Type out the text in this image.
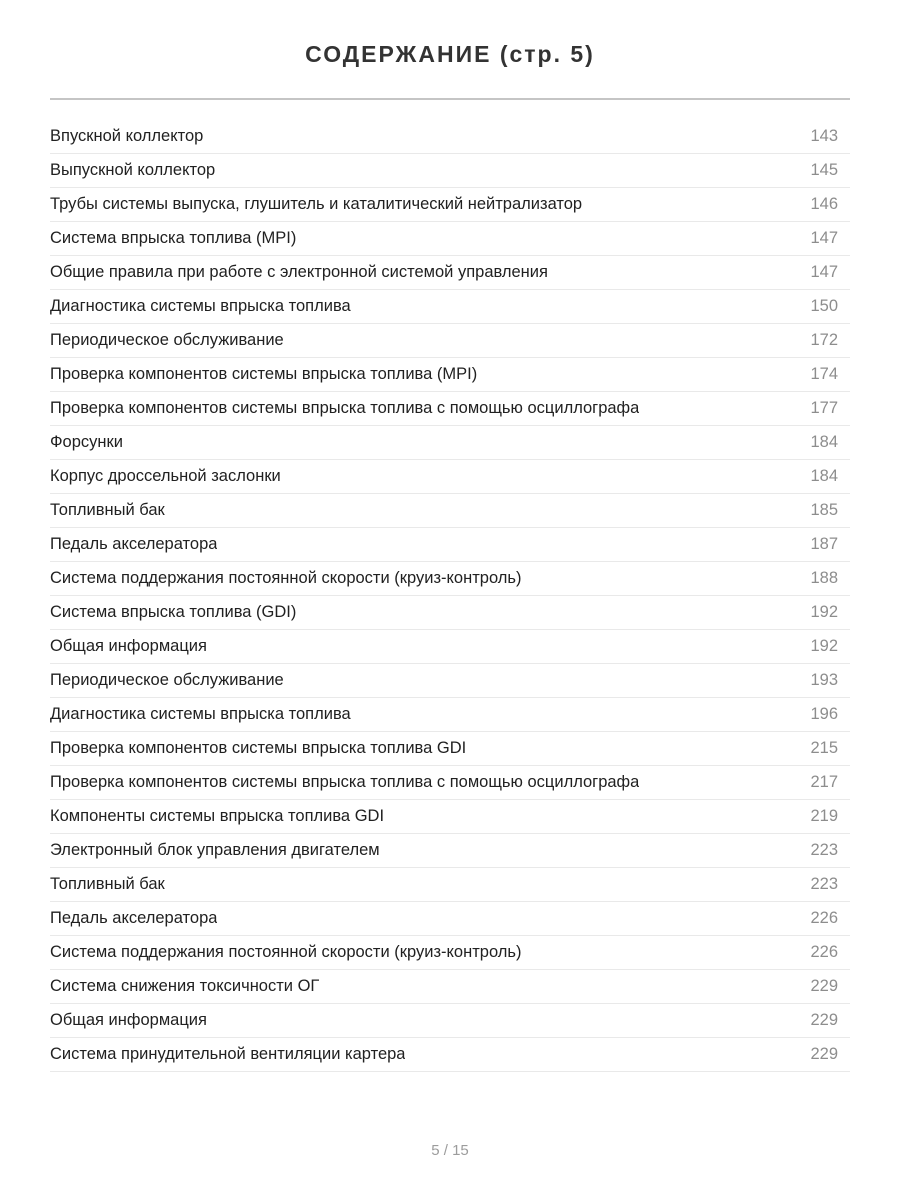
СОДЕРЖАНИЕ (стр. 5)
Впускной коллектор	143
Выпускной коллектор	145
Трубы системы выпуска, глушитель и каталитический нейтрализатор	146
Система впрыска топлива (MPI)	147
Общие правила при работе с электронной системой управления	147
Диагностика системы впрыска топлива	150
Периодическое обслуживание	172
Проверка компонентов системы впрыска топлива (MPI)	174
Проверка компонентов системы впрыска топлива с помощью осциллографа	177
Форсунки	184
Корпус дроссельной заслонки	184
Топливный бак	185
Педаль акселератора	187
Система поддержания постоянной скорости (круиз-контроль)	188
Система впрыска топлива (GDI)	192
Общая информация	192
Периодическое обслуживание	193
Диагностика системы впрыска топлива	196
Проверка компонентов системы впрыска топлива GDI	215
Проверка компонентов системы впрыска топлива с помощью осциллографа	217
Компоненты системы впрыска топлива GDI	219
Электронный блок управления двигателем	223
Топливный бак	223
Педаль акселератора	226
Система поддержания постоянной скорости (круиз-контроль)	226
Система снижения токсичности ОГ	229
Общая информация	229
Система принудительной вентиляции картера	229
5 / 15
